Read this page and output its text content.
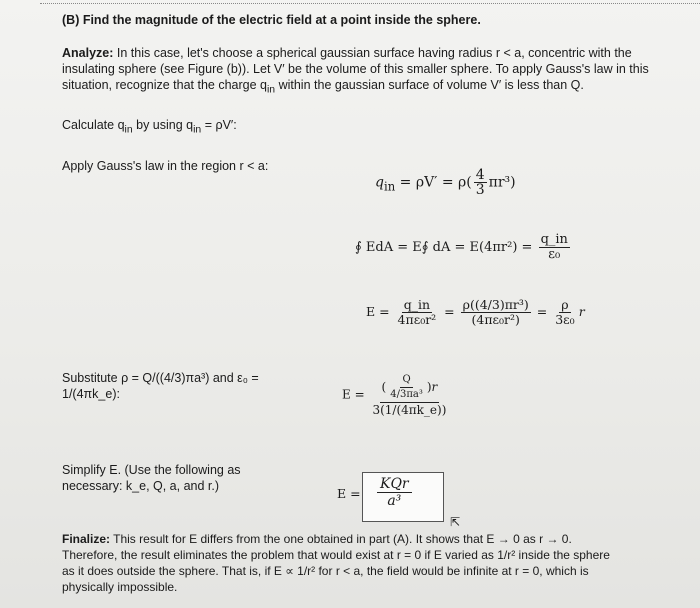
(B) Find the magnitude of the electric field at a point inside the sphere.
Analyze: In this case, let's choose a spherical gaussian surface having radius r < a, concentric with the
insulating sphere (see Figure (b)). Let V′ be the volume of this smaller sphere. To apply Gauss's law in this
situation, recognize that the charge $q_{in}$ within the gaussian surface of volume V′ is less than Q.
Calculate $q_{in}$ by using $q_{in} = \rho V'$:
Apply Gauss's law in the region r < a:
$q_{in} = \rho V' = \rho( \frac{4}{3} \pi r^3)$
∮ EdA = E∮ dA = $E(4\pi r^2) = \frac{q\_in}{\text{ε₀}}$
$E = \frac{q\_in}{\text{4πε₀r²}} = \frac{\text{ρ((4/3)πr³)}}{\text{(4πε₀r²)}} = \frac{\rho}{\text{3ε₀}}$ r
Substitute ρ = Q/((4/3)πa³) and ε₀ =
1/(4πk_e):	$E = \frac{( \frac{Q}{\text{4/3πa³}} )r}{3(1/(4\pi k\_e))}$
Simplify E. (Use the following as
necessary: k_e, Q, a, and r.)	E =
KQr
a³
⇱
Finalize: This result for E differs from the one obtained in part (A). It shows that E → 0 as r → 0.
Therefore, the result eliminates the problem that would exist at r = 0 if E varied as 1/r² inside the sphere
as it does outside the sphere. That is, if E ∝ 1/r² for r < a, the field would be infinite at r = 0, which is
physically impossible.
